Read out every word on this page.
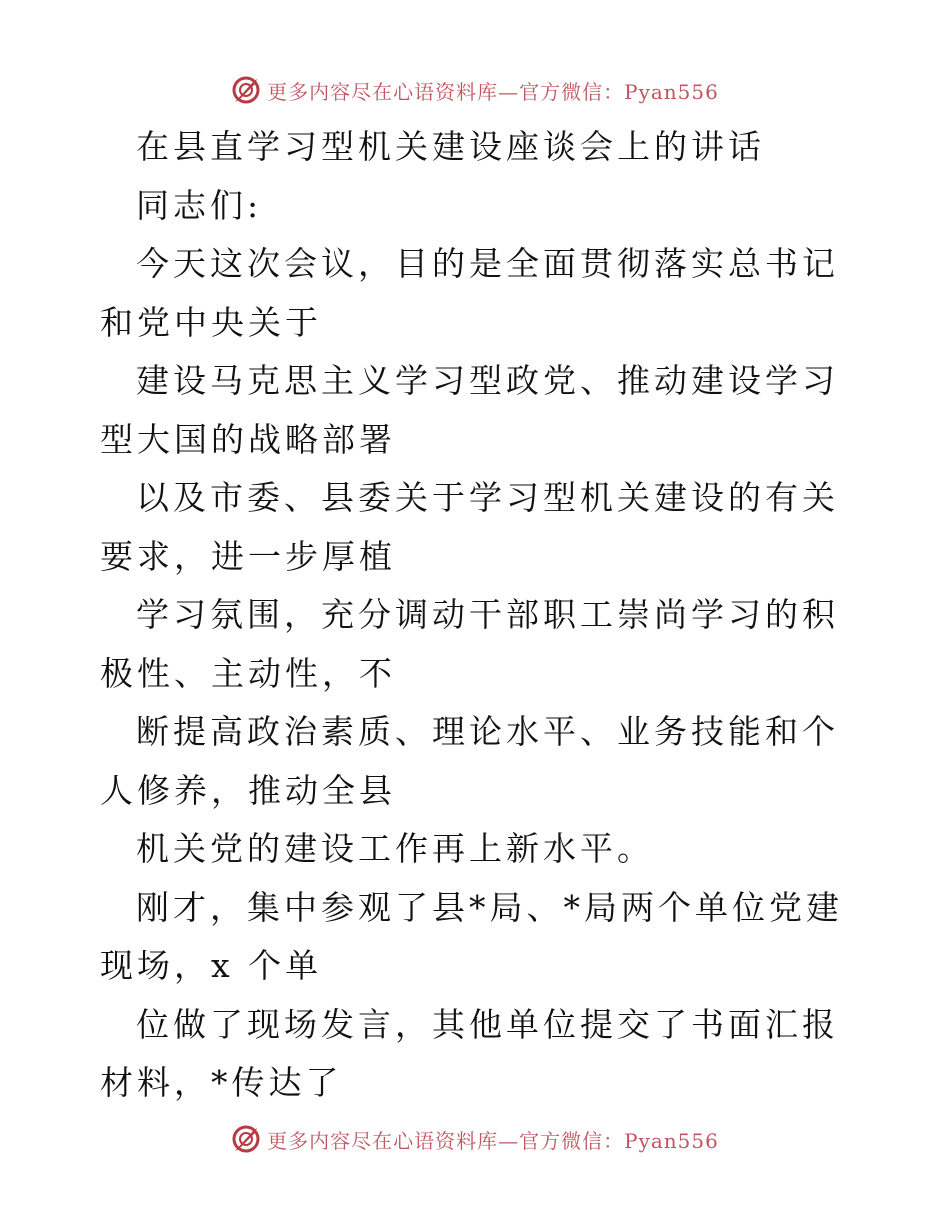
更多内容尽在心语资料库—官方微信：Pyan556

在县直学习型机关建设座谈会上的讲话

同志们:

今天这次会议，目的是全面贯彻落实总书记和党中央关于

建设马克思主义学习型政党、推动建设学习型大国的战略部署

以及市委、县委关于学习型机关建设的有关要求，进一步厚植

学习氛围，充分调动干部职工崇尚学习的积极性、主动性，不

断提高政治素质、理论水平、业务技能和个人修养，推动全县

机关党的建设工作再上新水平。

刚才，集中参观了县*局、*局两个单位党建现场，x 个单

位做了现场发言，其他单位提交了书面汇报材料，*传达了

更多内容尽在心语资料库—官方微信：Pyan556
